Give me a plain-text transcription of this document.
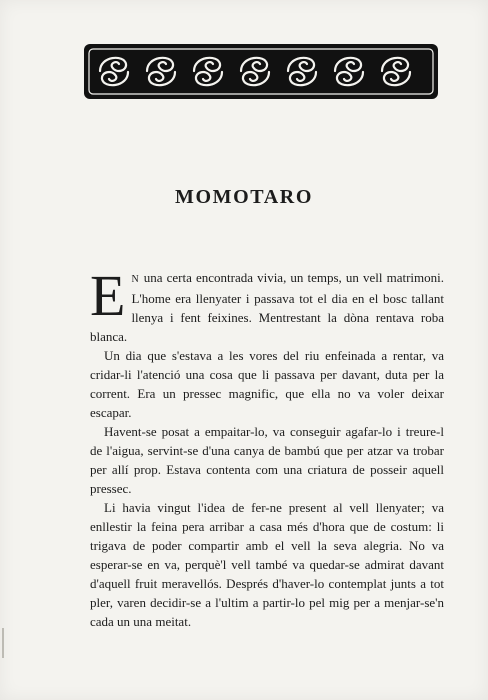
MOMOTARO

E N una certa encontrada vivia, un temps, un vell matrimoni. L'home era llenyater i passava tot el dia en el bosc tallant llenya i fent feixines. Mentrestant la dòna rentava roba blanca.

Un dia que s'estava a les vores del riu enfeinada a rentar, va cridar-li l'atenció una cosa que li passava per davant, duta per la corrent. Era un pressec magnific, que ella no va voler deixar escapar.

Havent-se posat a empaitar-lo, va conseguir agafar-lo i treure-l de l'aigua, servint-se d'una canya de bambú que per atzar va trobar per allí prop. Estava contenta com una criatura de posseir aquell pressec.

Li havia vingut l'idea de fer-ne present al vell llenyater; va enllestir la feina pera arribar a casa més d'hora que de costum: li trigava de poder compartir amb el vell la seva alegria. No va esperar-se en va, perquè'l vell també va quedar-se admirat davant d'aquell fruit meravellós. Després d'haver-lo contemplat junts a tot pler, varen decidir-se a l'ultim a partir-lo pel mig per a menjar-se'n cada un una meitat.
